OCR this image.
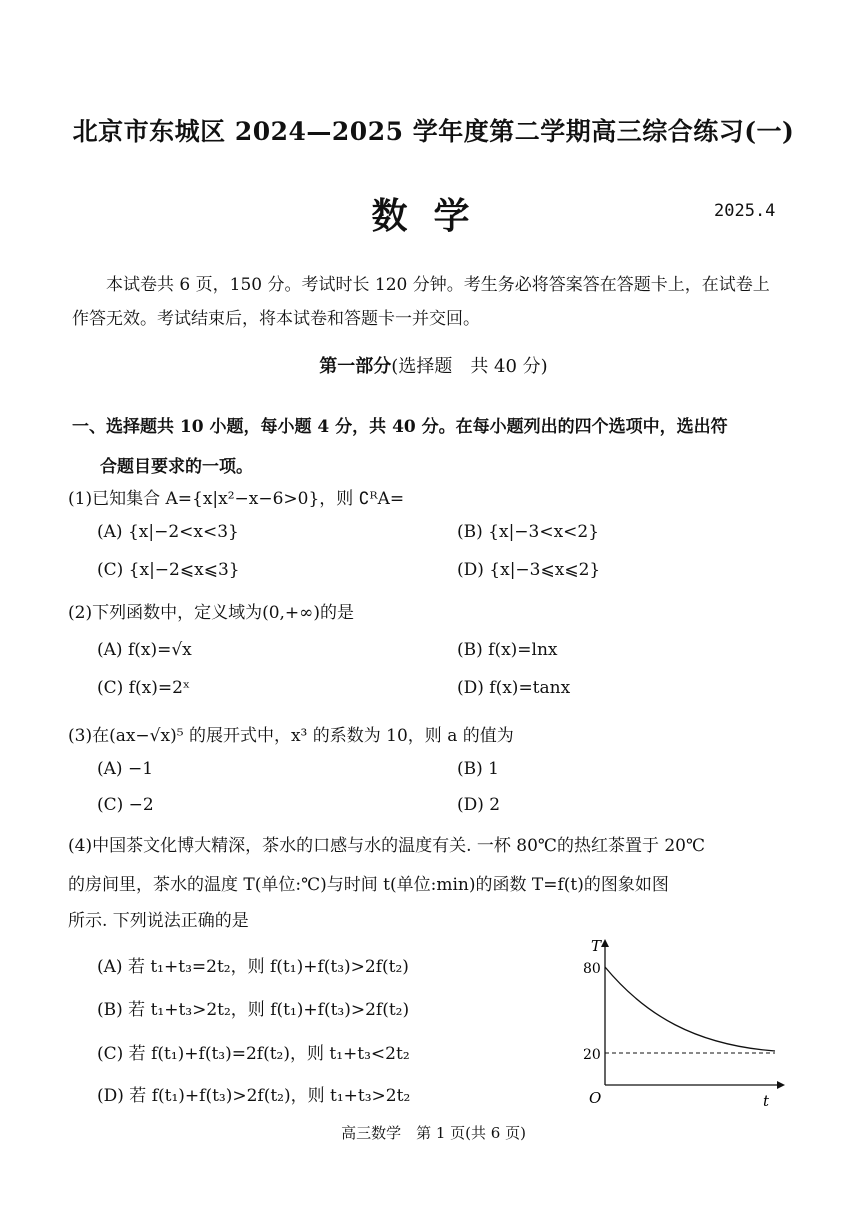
北京市东城区 2024—2025 学年度第二学期高三综合练习(一)
数学	2025.4
本试卷共 6 页，150 分。考试时长 120 分钟。考生务必将答案答在答题卡上，在试卷上作答无效。考试结束后，将本试卷和答题卡一并交回。
第一部分(选择题　共 40 分)
一、选择题共 10 小题，每小题 4 分，共 40 分。在每小题列出的四个选项中，选出符
合题目要求的一项。
(1)已知集合 A={x|x²−x−6>0}，则 ∁ᴿA=
(A) {x|−2<x<3}	(B) {x|−3<x<2}
(C) {x|−2⩽x⩽3}	(D) {x|−3⩽x⩽2}
(2)下列函数中，定义域为(0,+∞)的是
(A) f(x)=√x	(B) f(x)=lnx
(C) f(x)=2ˣ	(D) f(x)=tanx
(3)在(ax−√x)⁵ 的展开式中，x³ 的系数为 10，则 a 的值为
(A) −1	(B) 1
(C) −2	(D) 2
(4)中国茶文化博大精深，茶水的口感与水的温度有关. 一杯 80℃的热红茶置于 20℃
的房间里，茶水的温度 T(单位:℃)与时间 t(单位:min)的函数 T=f(t)的图象如图
所示. 下列说法正确的是
(A) 若 t₁+t₃=2t₂，则 f(t₁)+f(t₃)>2f(t₂)
(B) 若 t₁+t₃>2t₂，则 f(t₁)+f(t₃)>2f(t₂)
(C) 若 f(t₁)+f(t₃)=2f(t₂)，则 t₁+t₃<2t₂
(D) 若 f(t₁)+f(t₃)>2f(t₂)，则 t₁+t₃>2t₂
T
t
O
80
20
高三数学　第 1 页(共 6 页)
